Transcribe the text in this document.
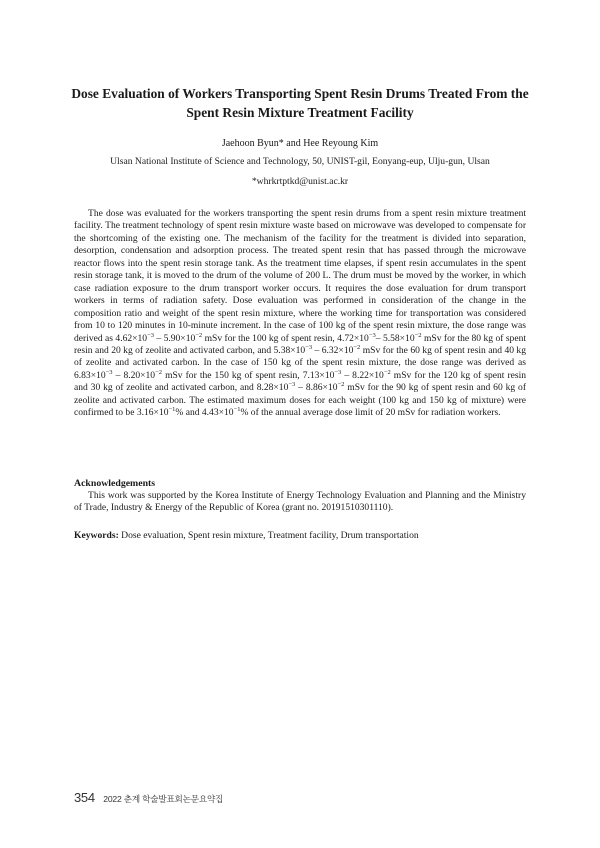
Dose Evaluation of Workers Transporting Spent Resin Drums Treated From the
Spent Resin Mixture Treatment Facility
Jaehoon Byun* and Hee Reyoung Kim
Ulsan National Institute of Science and Technology, 50, UNIST-gil, Eonyang-eup, Ulju-gun, Ulsan
*whrkrtptkd@unist.ac.kr

The dose was evaluated for the workers transporting the spent resin drums from a spent resin mixture treatment facility. The treatment technology of spent resin mixture waste based on microwave was developed to compensate for the shortcoming of the existing one. The mechanism of the facility for the treatment is divided into separation, desorption, condensation and adsorption process. The treated spent resin that has passed through the microwave reactor flows into the spent resin storage tank. As the treatment time elapses, if spent resin accumulates in the spent resin storage tank, it is moved to the drum of the volume of 200 L. The drum must be moved by the worker, in which case radiation exposure to the drum transport worker occurs. It requires the dose evaluation for drum transport workers in terms of radiation safety. Dose evaluation was performed in consideration of the change in the composition ratio and weight of the spent resin mixture, where the working time for transportation was considered from 10 to 120 minutes in 10-minute increment. In the case of 100 kg of the spent resin mixture, the dose range was derived as $4.62\times 10^{-3} - 5.90\times 10^{-2}$ mSv for the 100 kg of spent resin, $4.72\times 10^{-3}-$ $5.58\times 10^{-2}$ mSv for the 80 kg of spent resin and 20 kg of zeolite and activated carbon, and $5.38\times 10^{-3} - 6.32\times 10^{-2}$ mSv for the 60 kg of spent resin and 40 kg of zeolite and activated carbon. In the case of 150 kg of the spent resin mixture, the dose range was derived as $6.83\times 10^{-3} - 8.20\times 10^{-2}$ mSv for the 150 kg of spent resin, $7.13\times 10^{-3} - 8.22\times 10^{-2}$ mSv for the 120 kg of spent resin and 30 kg of zeolite and activated carbon, and $8.28\times 10^{-3} - 8.86\times 10^{-2}$ mSv for the 90 kg of spent resin and 60 kg of zeolite and activated carbon. The estimated maximum doses for each weight (100 kg and 150 kg of mixture) were confirmed to be $3.16\times 10^{-1}\%$ and $4.43\times 10^{-1}\%$ of the annual average dose limit of 20 mSv for radiation workers.

Acknowledgements

This work was supported by the Korea Institute of Energy Technology Evaluation and Planning and the Ministry of Trade, Industry & Energy of the Republic of Korea (grant no. 20191510301110).

Keywords: Dose evaluation, Spent resin mixture, Treatment facility, Drum transportation
354 2022 춘계 학술발표회논문요약집
